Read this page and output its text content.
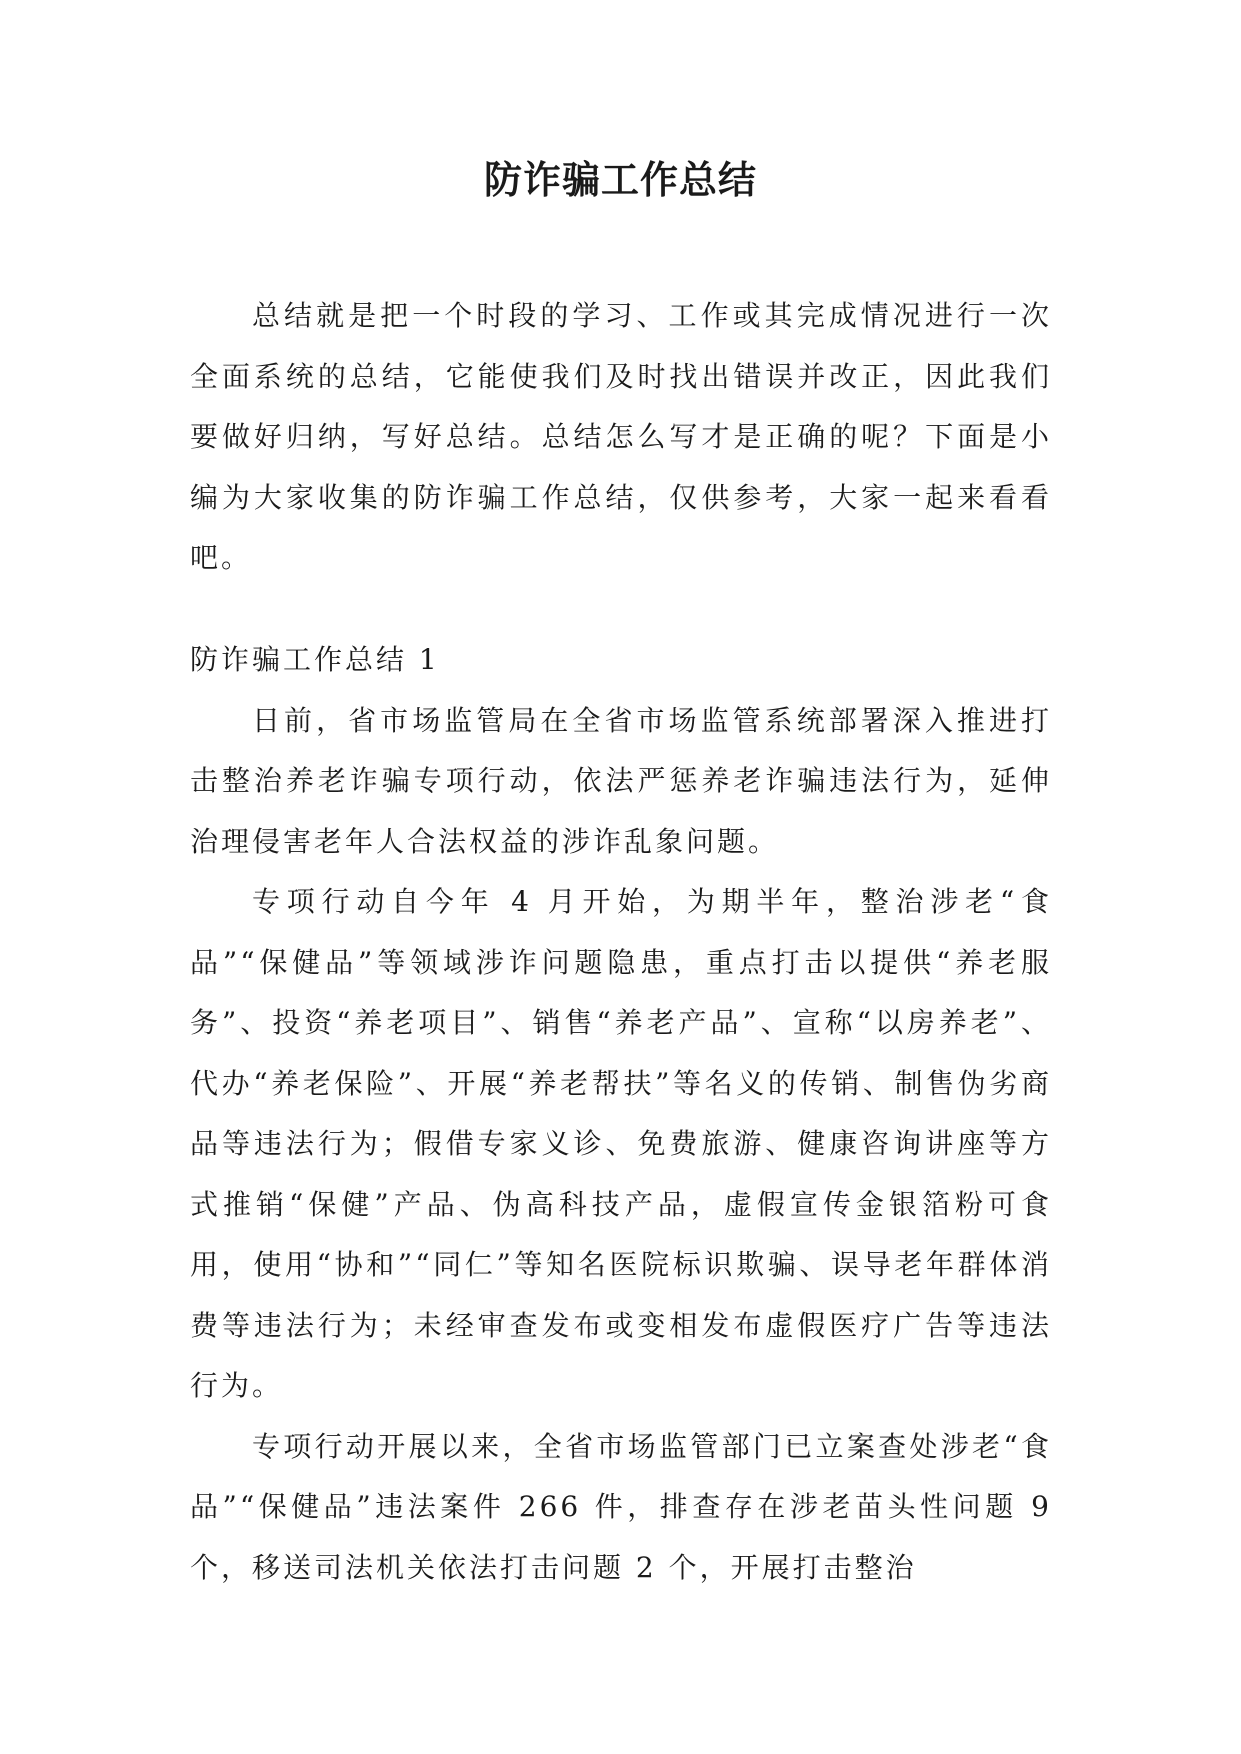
防诈骗工作总结

总结就是把一个时段的学习、工作或其完成情况进行一次全面系统的总结，它能使我们及时找出错误并改正，因此我们要做好归纳，写好总结。总结怎么写才是正确的呢？下面是小编为大家收集的防诈骗工作总结，仅供参考，大家一起来看看吧。

防诈骗工作总结 1

日前，省市场监管局在全省市场监管系统部署深入推进打击整治养老诈骗专项行动，依法严惩养老诈骗违法行为，延伸治理侵害老年人合法权益的涉诈乱象问题。

专项行动自今年 4 月开始，为期半年，整治涉老“食品”“保健品”等领域涉诈问题隐患，重点打击以提供“养老服务”、投资“养老项目”、销售“养老产品”、宣称“以房养老”、代办“养老保险”、开展“养老帮扶”等名义的传销、制售伪劣商品等违法行为；假借专家义诊、免费旅游、健康咨询讲座等方式推销“保健”产品、伪高科技产品，虚假宣传金银箔粉可食用，使用“协和”“同仁”等知名医院标识欺骗、误导老年群体消费等违法行为；未经审查发布或变相发布虚假医疗广告等违法行为。

专项行动开展以来，全省市场监管部门已立案查处涉老“食品”“保健品”违法案件 266 件，排查存在涉老苗头性问题 9 个，移送司法机关依法打击问题 2 个，开展打击整治
